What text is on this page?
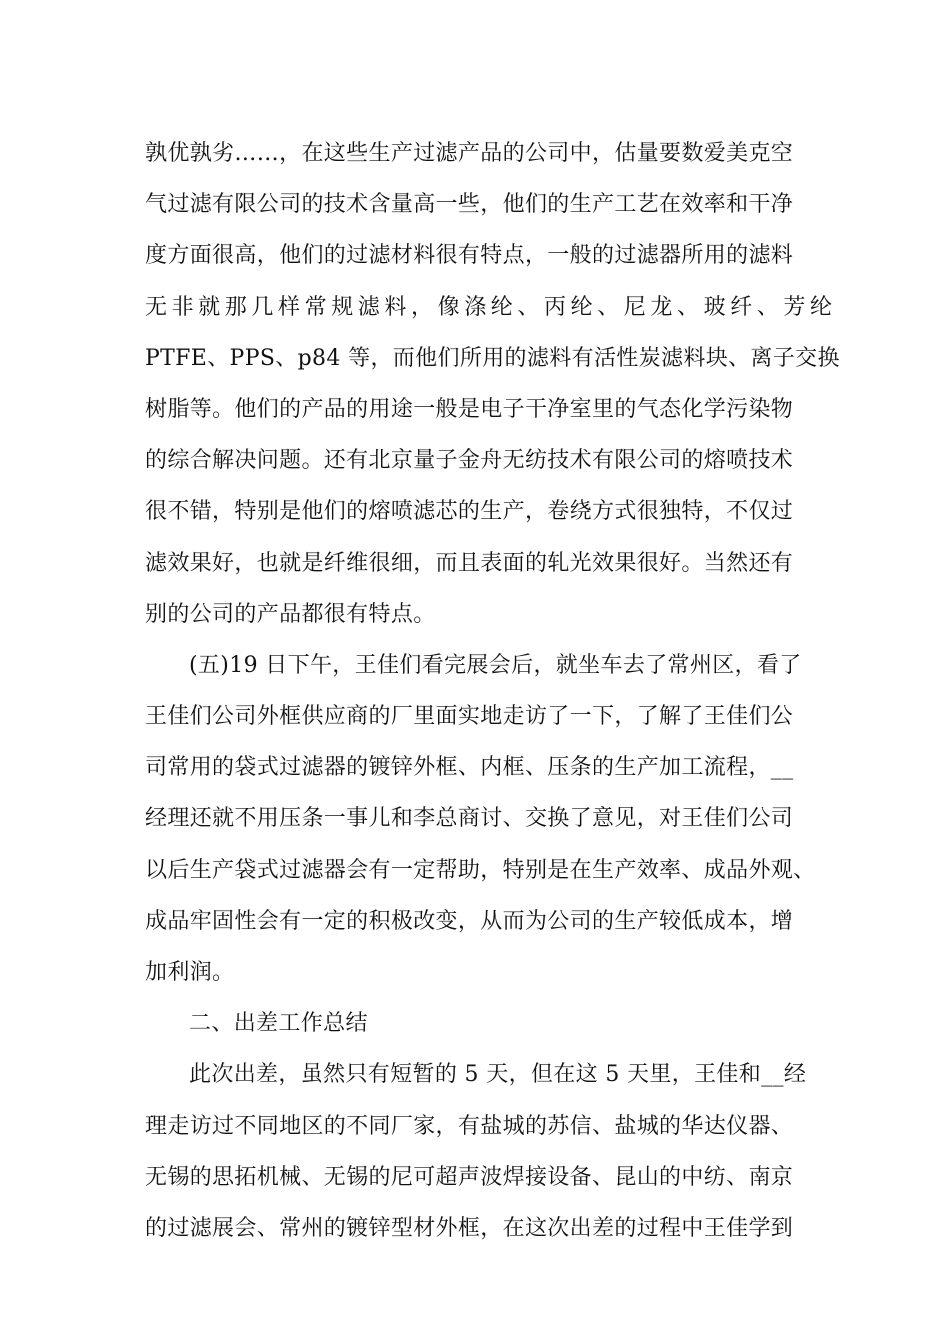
孰优孰劣……，在这些生产过滤产品的公司中，估量要数爱美克空
气过滤有限公司的技术含量高一些，他们的生产工艺在效率和干净
度方面很高，他们的过滤材料很有特点，一般的过滤器所用的滤料
无非就那几样常规滤料，像涤纶、丙纶、尼龙、玻纤、芳纶
PTFE、PPS、p84 等，而他们所用的滤料有活性炭滤料块、离子交换
树脂等。他们的产品的用途一般是电子干净室里的气态化学污染物
的综合解决问题。还有北京量子金舟无纺技术有限公司的熔喷技术
很不错，特别是他们的熔喷滤芯的生产，卷绕方式很独特，不仅过
滤效果好，也就是纤维很细，而且表面的轧光效果很好。当然还有
别的公司的产品都很有特点。
(五)19 日下午，王佳们看完展会后，就坐车去了常州区，看了
王佳们公司外框供应商的厂里面实地走访了一下，了解了王佳们公
司常用的袋式过滤器的镀锌外框、内框、压条的生产加工流程，__
经理还就不用压条一事儿和李总商讨、交换了意见，对王佳们公司
以后生产袋式过滤器会有一定帮助，特别是在生产效率、成品外观、
成品牢固性会有一定的积极改变，从而为公司的生产较低成本，增
加利润。
二、出差工作总结
此次出差，虽然只有短暂的 5 天，但在这 5 天里，王佳和__经
理走访过不同地区的不同厂家，有盐城的苏信、盐城的华达仪器、
无锡的思拓机械、无锡的尼可超声波焊接设备、昆山的中纺、南京
的过滤展会、常州的镀锌型材外框，在这次出差的过程中王佳学到
